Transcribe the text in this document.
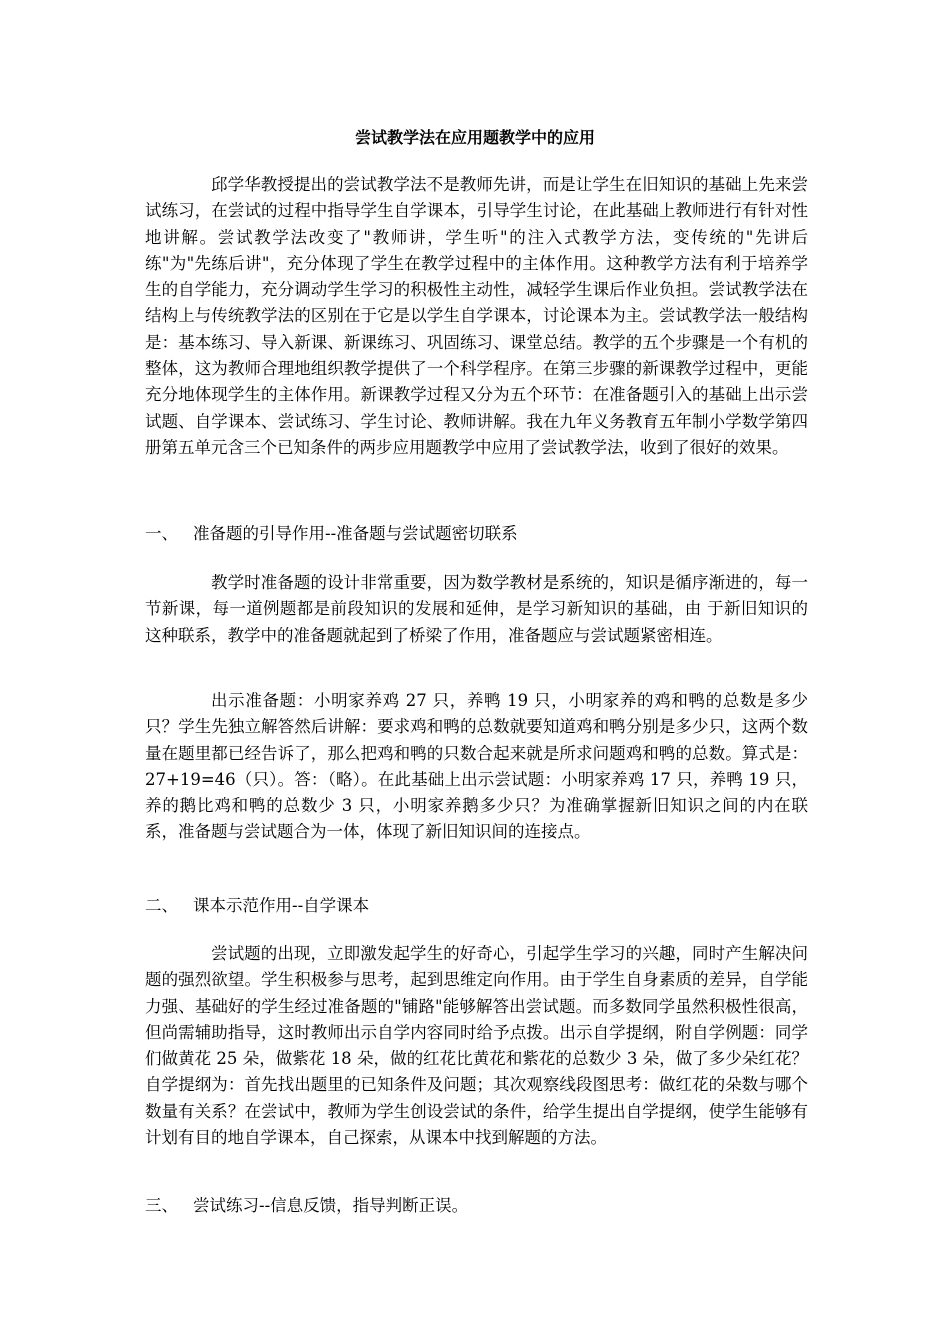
尝试教学法在应用题教学中的应用

邱学华教授提出的尝试教学法不是教师先讲，而是让学生在旧知识的基础上先来尝试练习，在尝试的过程中指导学生自学课本，引导学生讨论，在此基础上教师进行有针对性地讲解。尝试教学法改变了"教师讲，学生听"的注入式教学方法，变传统的"先讲后练"为"先练后讲"，充分体现了学生在教学过程中的主体作用。这种教学方法有利于培养学生的自学能力，充分调动学生学习的积极性主动性，减轻学生课后作业负担。尝试教学法在结构上与传统教学法的区别在于它是以学生自学课本，讨论课本为主。尝试教学法一般结构是：基本练习、导入新课、新课练习、巩固练习、课堂总结。教学的五个步骤是一个有机的整体，这为教师合理地组织教学提供了一个科学程序。在第三步骤的新课教学过程中，更能充分地体现学生的主体作用。新课教学过程又分为五个环节：在准备题引入的基础上出示尝试题、自学课本、尝试练习、学生讨论、教师讲解。我在九年义务教育五年制小学数学第四册第五单元含三个已知条件的两步应用题教学中应用了尝试教学法，收到了很好的效果。

一、 准备题的引导作用--准备题与尝试题密切联系

教学时准备题的设计非常重要，因为数学教材是系统的，知识是循序渐进的，每一节新课，每一道例题都是前段知识的发展和延伸，是学习新知识的基础，由 于新旧知识的这种联系，教学中的准备题就起到了桥梁了作用，准备题应与尝试题紧密相连。

出示准备题：小明家养鸡 27 只，养鸭 19 只，小明家养的鸡和鸭的总数是多少只？学生先独立解答然后讲解：要求鸡和鸭的总数就要知道鸡和鸭分别是多少只，这两个数量在题里都已经告诉了，那么把鸡和鸭的只数合起来就是所求问题鸡和鸭的总数。算式是：27+19=46（只）。答：（略）。在此基础上出示尝试题：小明家养鸡 17 只，养鸭 19 只，养的鹅比鸡和鸭的总数少 3 只，小明家养鹅多少只？为准确掌握新旧知识之间的内在联系，准备题与尝试题合为一体，体现了新旧知识间的连接点。

二、 课本示范作用--自学课本

尝试题的出现，立即激发起学生的好奇心，引起学生学习的兴趣，同时产生解决问题的强烈欲望。学生积极参与思考，起到思维定向作用。由于学生自身素质的差异，自学能力强、基础好的学生经过准备题的"铺路"能够解答出尝试题。而多数同学虽然积极性很高，但尚需辅助指导，这时教师出示自学内容同时给予点拨。出示自学提纲，附自学例题：同学们做黄花 25 朵，做紫花 18 朵，做的红花比黄花和紫花的总数少 3 朵，做了多少朵红花？自学提纲为：首先找出题里的已知条件及问题；其次观察线段图思考：做红花的朵数与哪个数量有关系？在尝试中，教师为学生创设尝试的条件，给学生提出自学提纲，使学生能够有计划有目的地自学课本，自己探索，从课本中找到解题的方法。

三、 尝试练习--信息反馈，指导判断正误。
